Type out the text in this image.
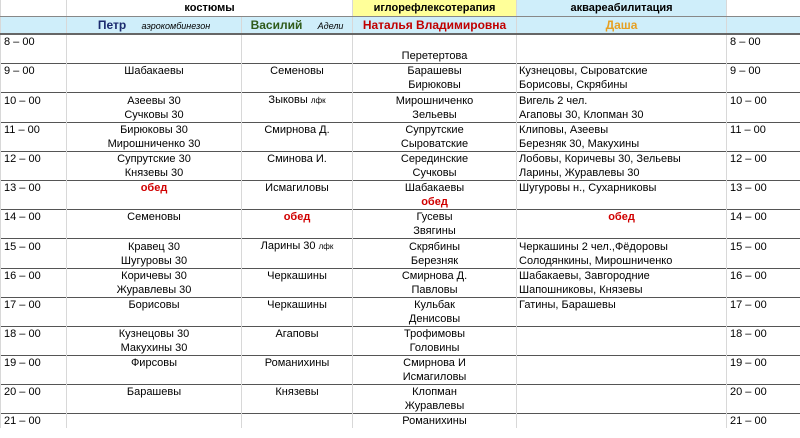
	костюмы		иглорефлексотерапия	аквареабилитация	
	Петр аэрокомбинезон	Василий Адели	Наталья Владимировна	Даша	
8 – 00					8 – 00
			Перетертова		
9 – 00	Шабакаевы	Семеновы	Барашевы	Кузнецовы, Сыроватские	9 – 00
			Бирюковы	Борисовы, Скрябины	
10 – 00	Азеевы 30	Зыковы лфк	Мирошниченко	Вигель 2 чел.	10 – 00
	Сучковы 30		Зельевы	Агаповы 30, Клопман 30	
11 – 00	Бирюковы 30	Смирнова Д.	Супрутские	Клиповы, Азеевы	11 – 00
	Мирошниченко 30		Сыроватские	Березняк 30, Макухины	
12 – 00	Супрутские 30	Сминова И.	Серединские	Лобовы, Коричевы 30, Зельевы	12 – 00
	Князевы 30		Сучковы	Ларины, Журавлевы 30	
13 – 00	обед	Исмагиловы	Шабакаевы	Шугуровы н., Сухарниковы	13 – 00
			обед		
14 – 00	Семеновы	обед	Гусевы	обед	14 – 00
			Звягины		
15 – 00	Кравец 30	Ларины 30 лфк	Скрябины	Черкашины 2 чел.,Фёдоровы	15 – 00
	Шугуровы 30		Березняк	Солодянкины, Мирошниченко	
16 – 00	Коричевы 30	Черкашины	Смирнова Д.	Шабакаевы, Завгородние	16 – 00
	Журавлевы 30		Павловы	Шапошниковы, Князевы	
17 – 00	Борисовы	Черкашины	Кульбак	Гатины, Барашевы	17 – 00
			Денисовы		
18 – 00	Кузнецовы 30	Агаповы	Трофимовы		18 – 00
	Макухины 30		Головины		
19 – 00	Фирсовы	Романихины	Смирнова И		19 – 00
			Исмагиловы		
20 – 00	Барашевы	Князевы	Клопман		20 – 00
			Журавлевы		
21 – 00			Романихины		21 – 00
